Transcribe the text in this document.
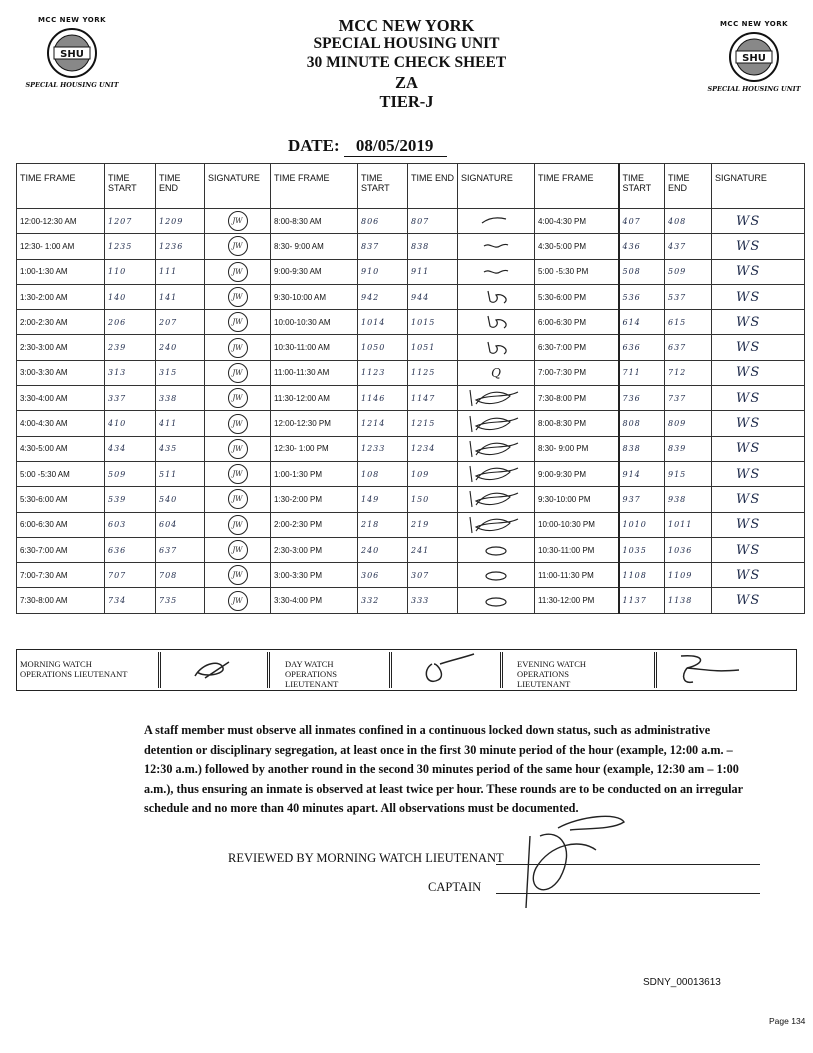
MCC NEW YORK
SHU
SPECIAL HOUSING UNIT
MCC NEW YORK
SHU
SPECIAL HOUSING UNIT
MCC NEW YORK
SPECIAL HOUSING UNIT
30 MINUTE CHECK SHEET
ZA
TIER-J
DATE: 08/05/2019
TIME FRAME	TIME START	TIME END	SIGNATURE	TIME FRAME	TIME START	TIME END	SIGNATURE	TIME FRAME	TIME START	TIME END	SIGNATURE
12:00-12:30 AM	1207	1209	JW	8:00-8:30 AM	806	807		4:00-4:30 PM	407	408	WS
12:30- 1:00 AM	1235	1236	JW	8:30- 9:00 AM	837	838		4:30-5:00 PM	436	437	WS
1:00-1:30 AM	110	111	JW	9:00-9:30 AM	910	911		5:00 -5:30 PM	508	509	WS
1:30-2:00 AM	140	141	JW	9:30-10:00 AM	942	944		5:30-6:00 PM	536	537	WS
2:00-2:30 AM	206	207	JW	10:00-10:30 AM	1014	1015		6:00-6:30 PM	614	615	WS
2:30-3:00 AM	239	240	JW	10:30-11:00 AM	1050	1051		6:30-7:00 PM	636	637	WS
3:00-3:30 AM	313	315	JW	11:00-11:30 AM	1123	1125	Q	7:00-7:30 PM	711	712	WS
3:30-4:00 AM	337	338	JW	11:30-12:00 AM	1146	1147		7:30-8:00 PM	736	737	WS
4:00-4:30 AM	410	411	JW	12:00-12:30 PM	1214	1215		8:00-8:30 PM	808	809	WS
4:30-5:00 AM	434	435	JW	12:30- 1:00 PM	1233	1234		8:30- 9:00 PM	838	839	WS
5:00 -5:30 AM	509	511	JW	1:00-1:30 PM	108	109		9:00-9:30 PM	914	915	WS
5:30-6:00 AM	539	540	JW	1:30-2:00 PM	149	150		9:30-10:00 PM	937	938	WS
6:00-6:30 AM	603	604	JW	2:00-2:30 PM	218	219		10:00-10:30 PM	1010	1011	WS
6:30-7:00 AM	636	637	JW	2:30-3:00 PM	240	241		10:30-11:00 PM	1035	1036	WS
7:00-7:30 AM	707	708	JW	3:00-3:30 PM	306	307		11:00-11:30 PM	1108	1109	WS
7:30-8:00 AM	734	735	JW	3:30-4:00 PM	332	333		11:30-12:00 PM	1137	1138	WS
MORNING WATCH OPERATIONS LIEUTENANT
DAY WATCH OPERATIONS LIEUTENANT
EVENING WATCH OPERATIONS LIEUTENANT
A staff member must observe all inmates confined in a continuous locked down status, such as administrative detention or disciplinary segregation, at least once in the first 30 minute period of the hour (example, 12:00 a.m. – 12:30 a.m.) followed by another round in the second 30 minutes period of the same hour (example, 12:30 am – 1:00 a.m.), thus ensuring an inmate is observed at least twice per hour. These rounds are to be conducted on an irregular schedule and no more than 40 minutes apart. All observations must be documented.
REVIEWED BY MORNING WATCH LIEUTENANT
CAPTAIN
SDNY_00013613
Page 134
